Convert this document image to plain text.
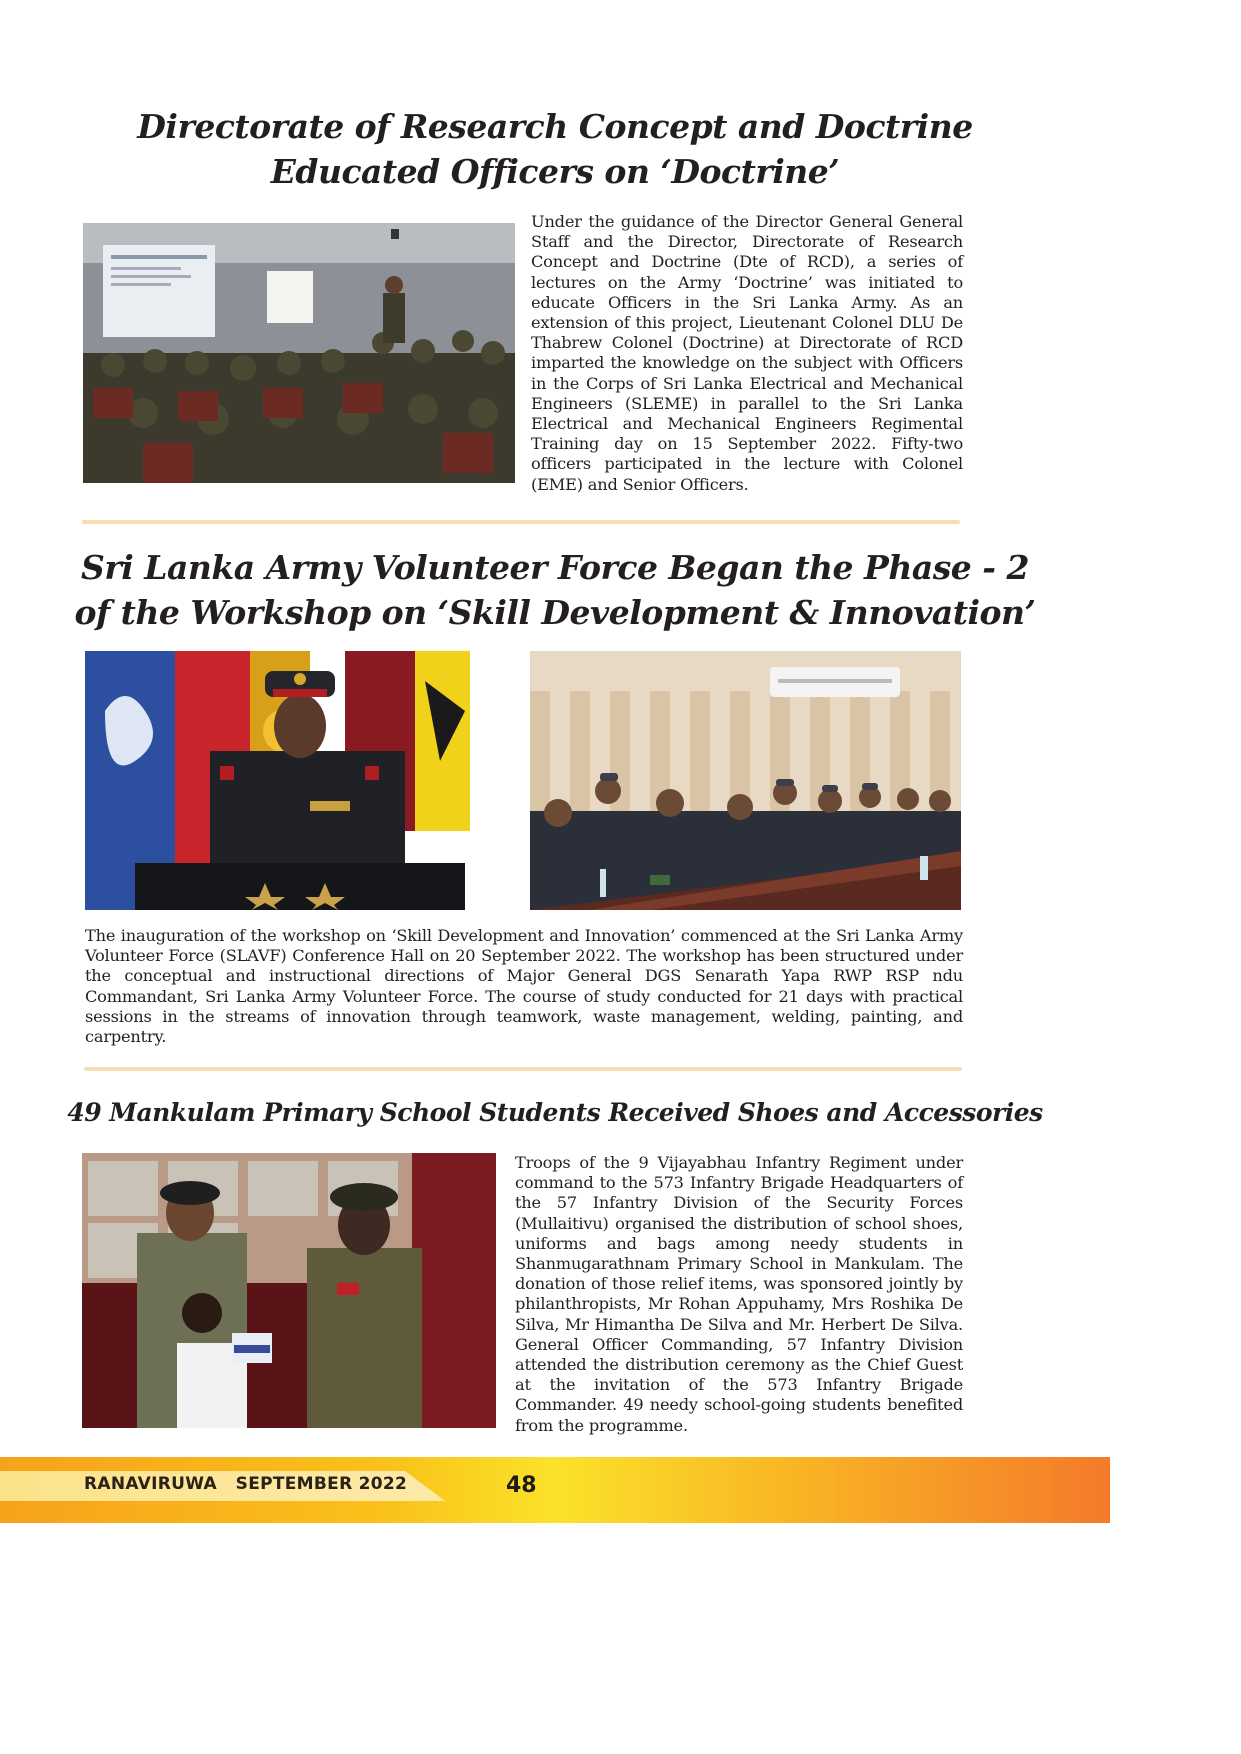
Directorate of Research Concept and Doctrine Educated Officers on ‘Doctrine’

Under the guidance of the Director General General Staff and the Director, Directorate of Research Concept and Doctrine (Dte of RCD), a series of lectures on the Army ‘Doctrine’ was initiated to educate Officers in the Sri Lanka Army. As an extension of this project, Lieutenant Colonel DLU De Thabrew Colonel (Doctrine) at Directorate of RCD imparted the knowledge on the subject with Officers in the Corps of Sri Lanka Electrical and Mechanical Engineers (SLEME) in parallel to the Sri Lanka Electrical and Mechanical Engineers Regimental Training day on 15 September 2022. Fifty-two officers participated in the lecture with Colonel (EME) and Senior Officers.

Sri Lanka Army Volunteer Force Began the Phase - 2 of the Workshop on ‘Skill Development & Innovation’

The inauguration of the workshop on ‘Skill Development and Innovation’ commenced at the Sri Lanka Army Volunteer Force (SLAVF) Conference Hall on 20 September 2022. The workshop has been structured under the conceptual and instructional directions of Major General DGS Senarath Yapa RWP RSP ndu Commandant, Sri Lanka Army Volunteer Force. The course of study conducted for 21 days with practical sessions in the streams of innovation through teamwork, waste management, welding, painting, and carpentry.

49 Mankulam Primary School Students Received Shoes and Accessories

Troops of the 9 Vijayabhau Infantry Regiment under command to the 573 Infantry Brigade Headquarters of the 57 Infantry Division of the Security Forces (Mullaitivu) organised the distribution of school shoes, uniforms and bags among needy students in Shanmugarathnam Primary School in Mankulam. The donation of those relief items, was sponsored jointly by philanthropists, Mr Rohan Appuhamy, Mrs Roshika De Silva, Mr Himantha De Silva and Mr. Herbert De Silva. General Officer Commanding, 57 Infantry Division attended the distribution ceremony as the Chief Guest at the invitation of the 573 Infantry Brigade Commander. 49 needy school-going students benefited from the programme.

RANAVIRUWA   SEPTEMBER 2022	48
